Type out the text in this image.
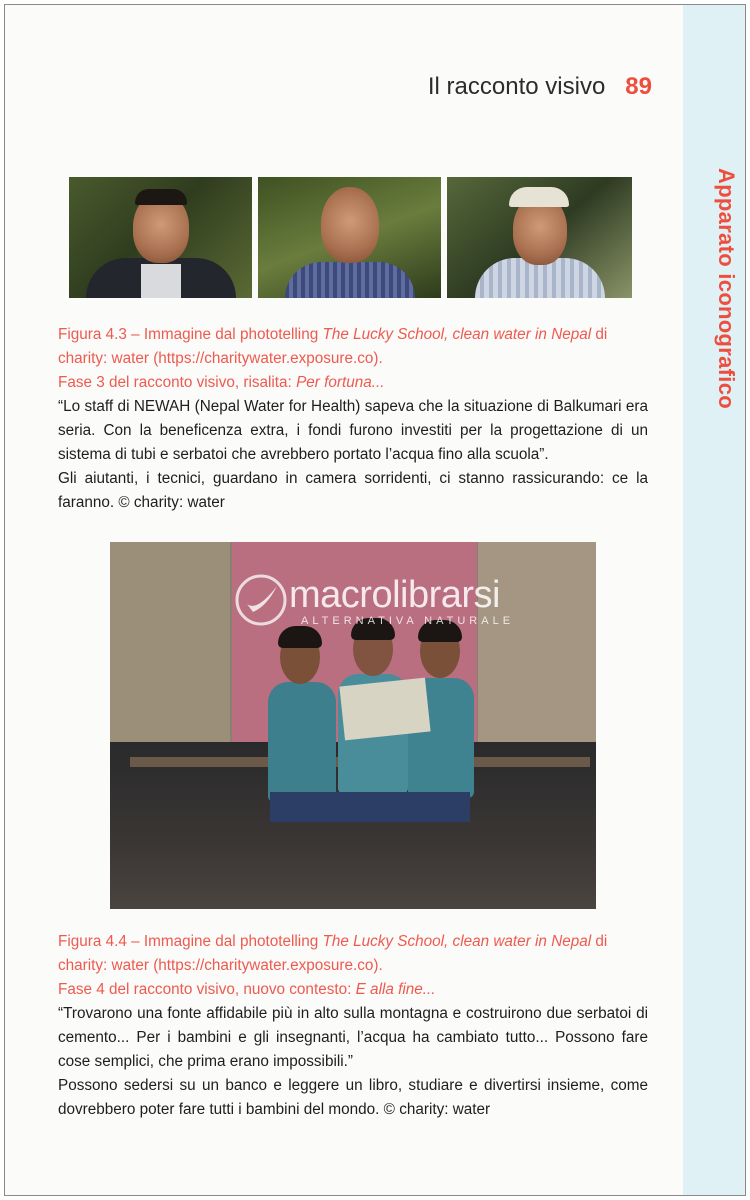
Apparato iconografico
Il racconto visivo 89

Figura 4.3 – Immagine dal phototelling The Lucky School, clean water in Nepal di

charity: water (https://charitywater.exposure.co).

Fase 3 del racconto visivo, risalita: Per fortuna...

“Lo staff di NEWAH (Nepal Water for Health) sapeva che la situazione di Balkumari era seria. Con la beneficenza extra, i fondi furono investiti per la progettazione di un sistema di tubi e serbatoi che avrebbero portato l’acqua fino alla scuola”.

Gli aiutanti, i tecnici, guardano in camera sorridenti, ci stanno rassicurando: ce la faranno. © charity: water

macrolibrarsi
ALTERNATIVA NATURALE

Figura 4.4 – Immagine dal phototelling The Lucky School, clean water in Nepal di

charity: water (https://charitywater.exposure.co).

Fase 4 del racconto visivo, nuovo contesto: E alla fine...

“Trovarono una fonte affidabile più in alto sulla montagna e costruirono due serbatoi di cemento... Per i bambini e gli insegnanti, l’acqua ha cambiato tutto... Possono fare cose semplici, che prima erano impossibili.”

Possono sedersi su un banco e leggere un libro, studiare e divertirsi insieme, come dovrebbero poter fare tutti i bambini del mondo. © charity: water
